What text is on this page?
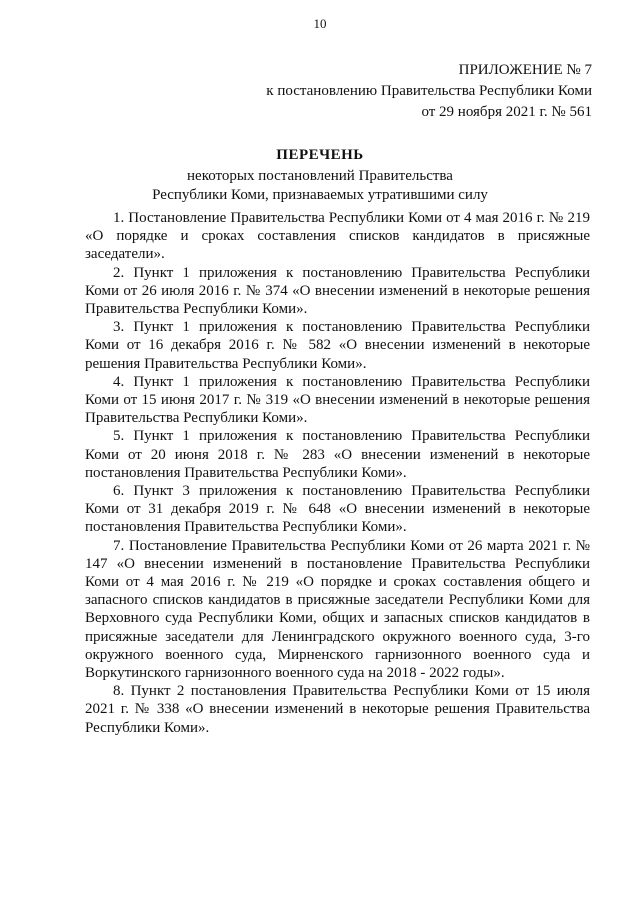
10
ПРИЛОЖЕНИЕ № 7
к постановлению Правительства Республики Коми
от 29 ноября 2021 г. № 561
ПЕРЕЧЕНЬ
некоторых постановлений Правительства
Республики Коми, признаваемых утратившими силу

1. Постановление Правительства Республики Коми от 4 мая 2016 г. № 219 «О порядке и сроках составления списков кандидатов в присяжные заседатели».

2. Пункт 1 приложения к постановлению Правительства Республики Коми от 26 июля 2016 г. № 374 «О внесении изменений в некоторые решения Правительства Республики Коми».

3. Пункт 1 приложения к постановлению Правительства Республики Коми от 16 декабря 2016 г. № 582 «О внесении изменений в некоторые решения Правительства Республики Коми».

4. Пункт 1 приложения к постановлению Правительства Республики Коми от 15 июня 2017 г. № 319 «О внесении изменений в некоторые решения Правительства Республики Коми».

5. Пункт 1 приложения к постановлению Правительства Республики Коми от 20 июня 2018 г. № 283 «О внесении изменений в некоторые постановления Правительства Республики Коми».

6. Пункт 3 приложения к постановлению Правительства Республики Коми от 31 декабря 2019 г. № 648 «О внесении изменений в некоторые постановления Правительства Республики Коми».

7. Постановление Правительства Республики Коми от 26 марта 2021 г. № 147 «О внесении изменений в постановление Правительства Республики Коми от 4 мая 2016 г. № 219 «О порядке и сроках составления общего и запасного списков кандидатов в присяжные заседатели Республики Коми для Верховного суда Республики Коми, общих и запасных списков кандидатов в присяжные заседатели для Ленинградского окружного военного суда, 3-го окружного военного суда, Мирненского гарнизонного военного суда и Воркутинского гарнизонного военного суда на 2018 - 2022 годы».

8. Пункт 2 постановления Правительства Республики Коми от 15 июля 2021 г. № 338 «О внесении изменений в некоторые решения Правительства Республики Коми».
